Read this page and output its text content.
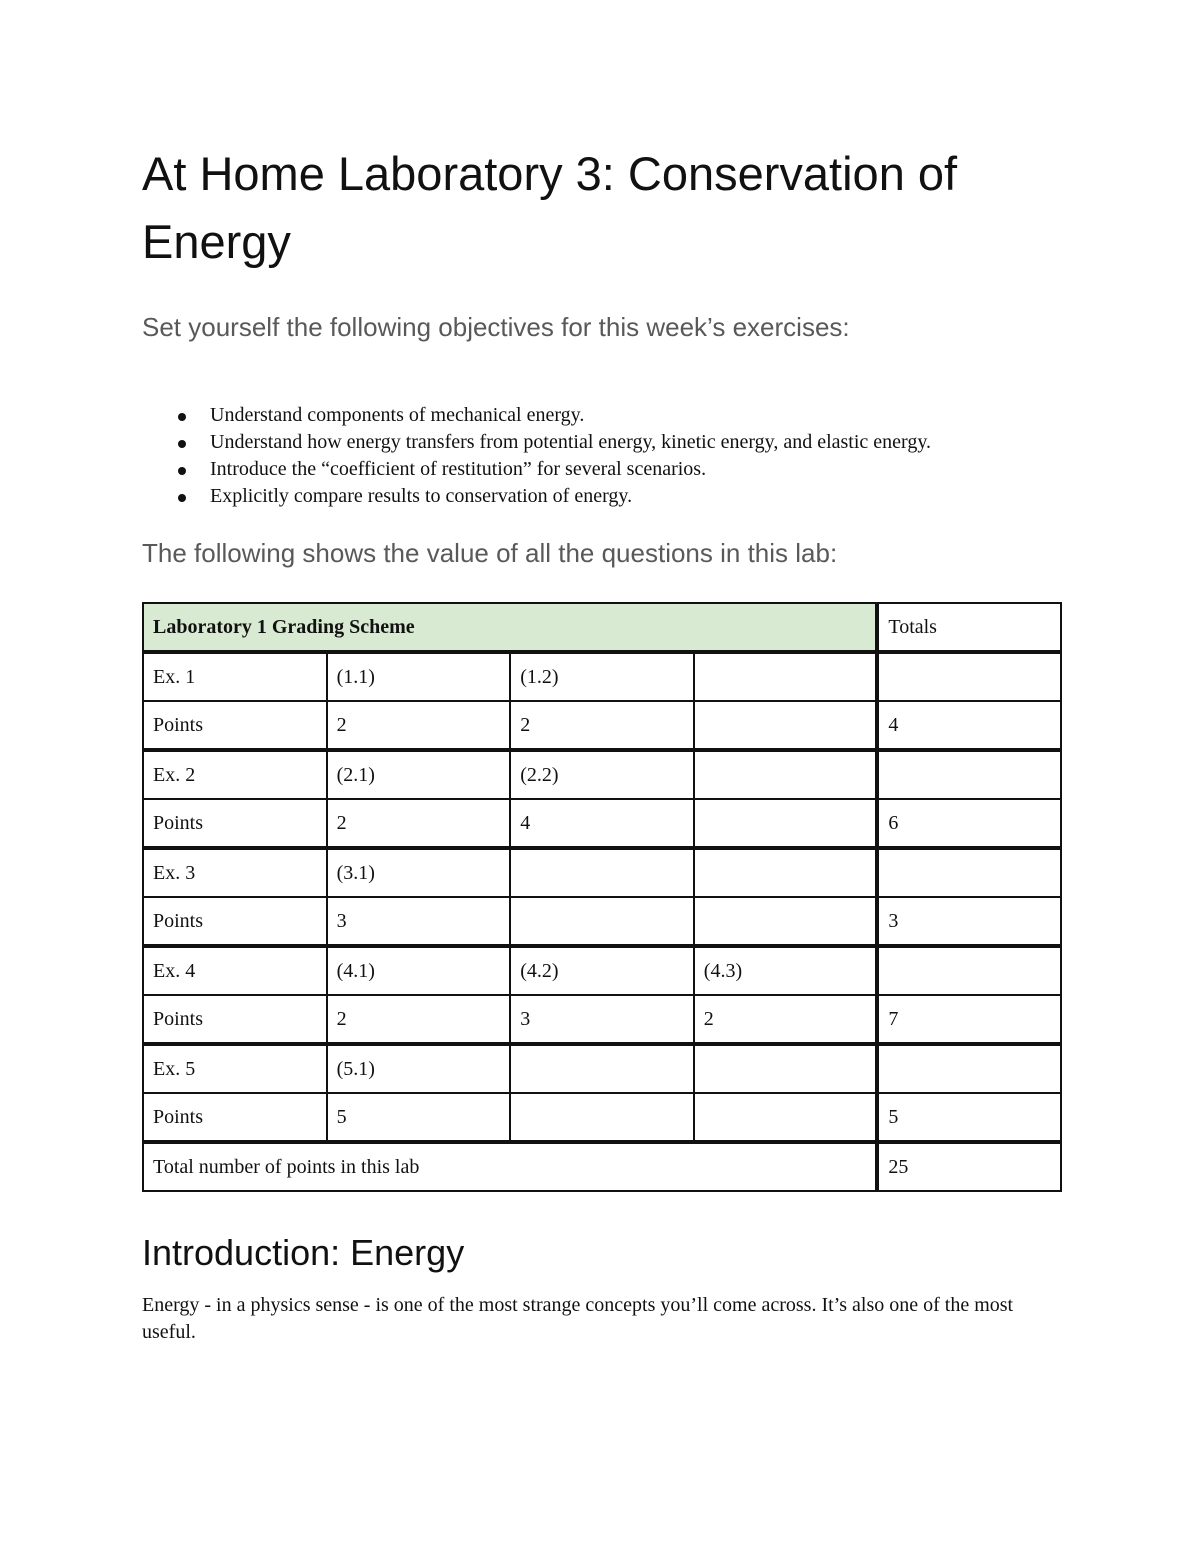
At Home Laboratory 3: Conservation of Energy

Set yourself the following objectives for this week’s exercises:

Understand components of mechanical energy.
Understand how energy transfers from potential energy, kinetic energy, and elastic energy.
Introduce the “coefficient of restitution” for several scenarios.
Explicitly compare results to conservation of energy.

The following shows the value of all the questions in this lab:

Laboratory 1 Grading Scheme				Totals
Ex. 1	(1.1)	(1.2)		
Points	2	2		4
Ex. 2	(2.1)	(2.2)		
Points	2	4		6
Ex. 3	(3.1)			
Points	3			3
Ex. 4	(4.1)	(4.2)	(4.3)	
Points	2	3	2	7
Ex. 5	(5.1)			
Points	5			5
Total number of points in this lab				25
Introduction: Energy

Energy - in a physics sense - is one of the most strange concepts you’ll come across. It’s also one of the most useful.
